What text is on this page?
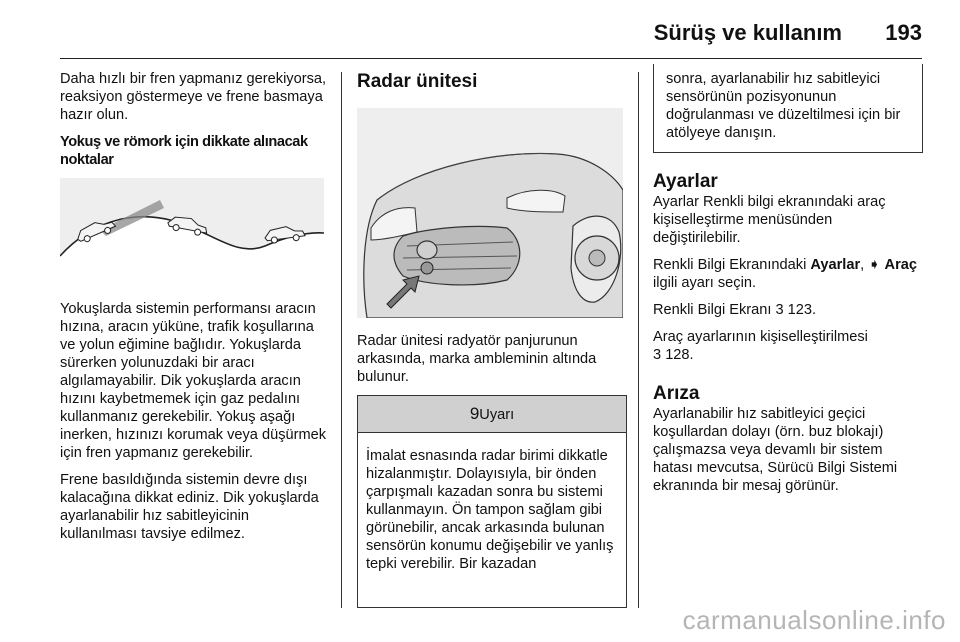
Sürüş ve kullanım 193

Daha hızlı bir fren yapmanız gerekiyorsa, reaksiyon göstermeye ve frene basmaya hazır olun.

Yokuş ve römork için dikkate alınacak noktalar

Yokuşlarda sistemin performansı aracın hızına, aracın yüküne, trafik koşullarına ve yolun eğimine bağlıdır. Yokuşlarda sürerken yolunuzdaki bir aracı algılamayabilir. Dik yokuşlarda aracın hızını kaybetmemek için gaz pedalını kullanmanız gerekebilir. Yokuş aşağı inerken, hızınızı korumak veya düşürmek için fren yapmanız gerekebilir.

Frene basıldığında sistemin devre dışı kalacağına dikkat ediniz. Dik yokuşlarda ayarlanabilir hız sabitleyicinin kullanılması tavsiye edilmez.

Radar ünitesi

Radar ünitesi radyatör panjurunun arkasında, marka ambleminin altında bulunur.

9Uyarı
İmalat esnasında radar birimi dikkatle hizalanmıştır. Dolayısıyla, bir önden çarpışmalı kazadan sonra bu sistemi kullanmayın. Ön tampon sağlam gibi görünebilir, ancak arkasında bulunan sensörün konumu değişebilir ve yanlış tepki verebilir. Bir kazadan
sonra, ayarlanabilir hız sabitleyici sensörünün pozisyonunun doğrulanması ve düzeltilmesi için bir atölyeye danışın.
Ayarlar

Ayarlar Renkli bilgi ekranındaki araç kişiselleştirme menüsünden değiştirilebilir.

Renkli Bilgi Ekranındaki Ayarlar, ➧ Araç ilgili ayarı seçin.

Renkli Bilgi Ekranı 3 123.

Araç ayarlarının kişiselleştirilmesi
3 128.

Arıza

Ayarlanabilir hız sabitleyici geçici koşullardan dolayı (örn. buz blokajı) çalışmazsa veya devamlı bir sistem hatası mevcutsa, Sürücü Bilgi Sistemi ekranında bir mesaj görünür.

carmanualsonline.info
